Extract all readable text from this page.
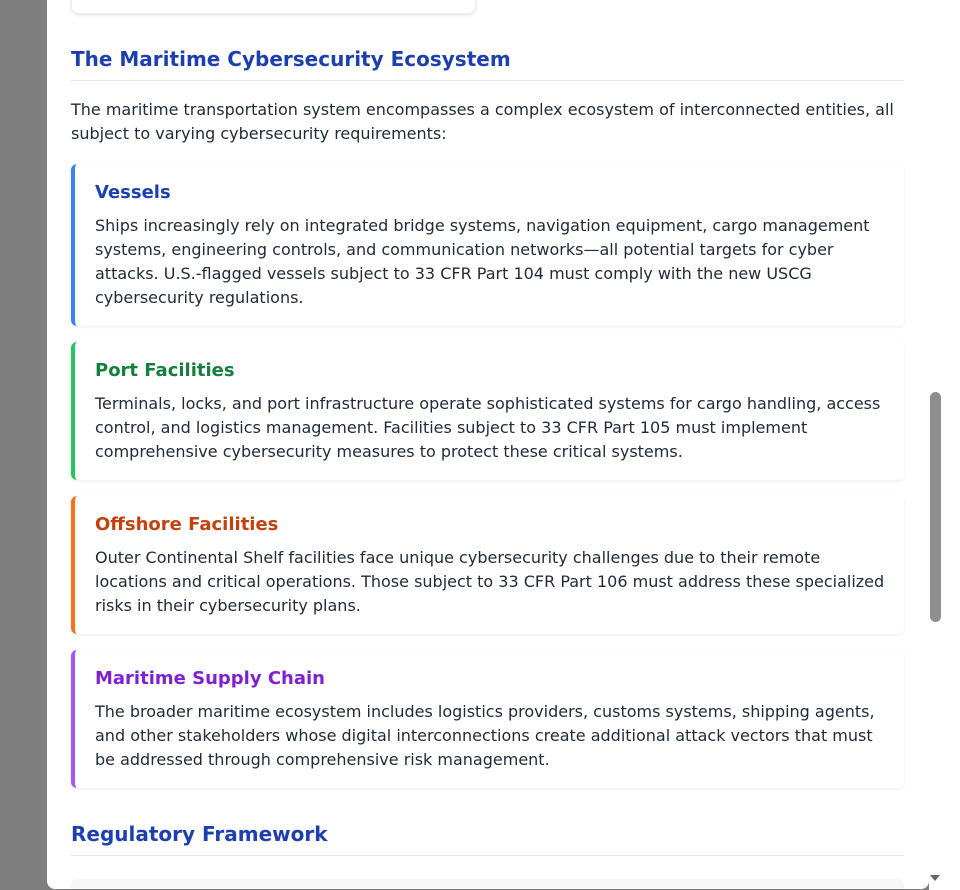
The Maritime Cybersecurity Ecosystem

The maritime transportation system encompasses a complex ecosystem of interconnected entities, all subject to varying cybersecurity requirements:

Vessels

Ships increasingly rely on integrated bridge systems, navigation equipment, cargo management systems, engineering controls, and communication networks—all potential targets for cyber attacks. U.S.-flagged vessels subject to 33 CFR Part 104 must comply with the new USCG cybersecurity regulations.

Port Facilities

Terminals, locks, and port infrastructure operate sophisticated systems for cargo handling, access control, and logistics management. Facilities subject to 33 CFR Part 105 must implement comprehensive cybersecurity measures to protect these critical systems.

Offshore Facilities

Outer Continental Shelf facilities face unique cybersecurity challenges due to their remote locations and critical operations. Those subject to 33 CFR Part 106 must address these specialized risks in their cybersecurity plans.

Maritime Supply Chain

The broader maritime ecosystem includes logistics providers, customs systems, shipping agents, and other stakeholders whose digital interconnections create additional attack vectors that must be addressed through comprehensive risk management.

Regulatory Framework
